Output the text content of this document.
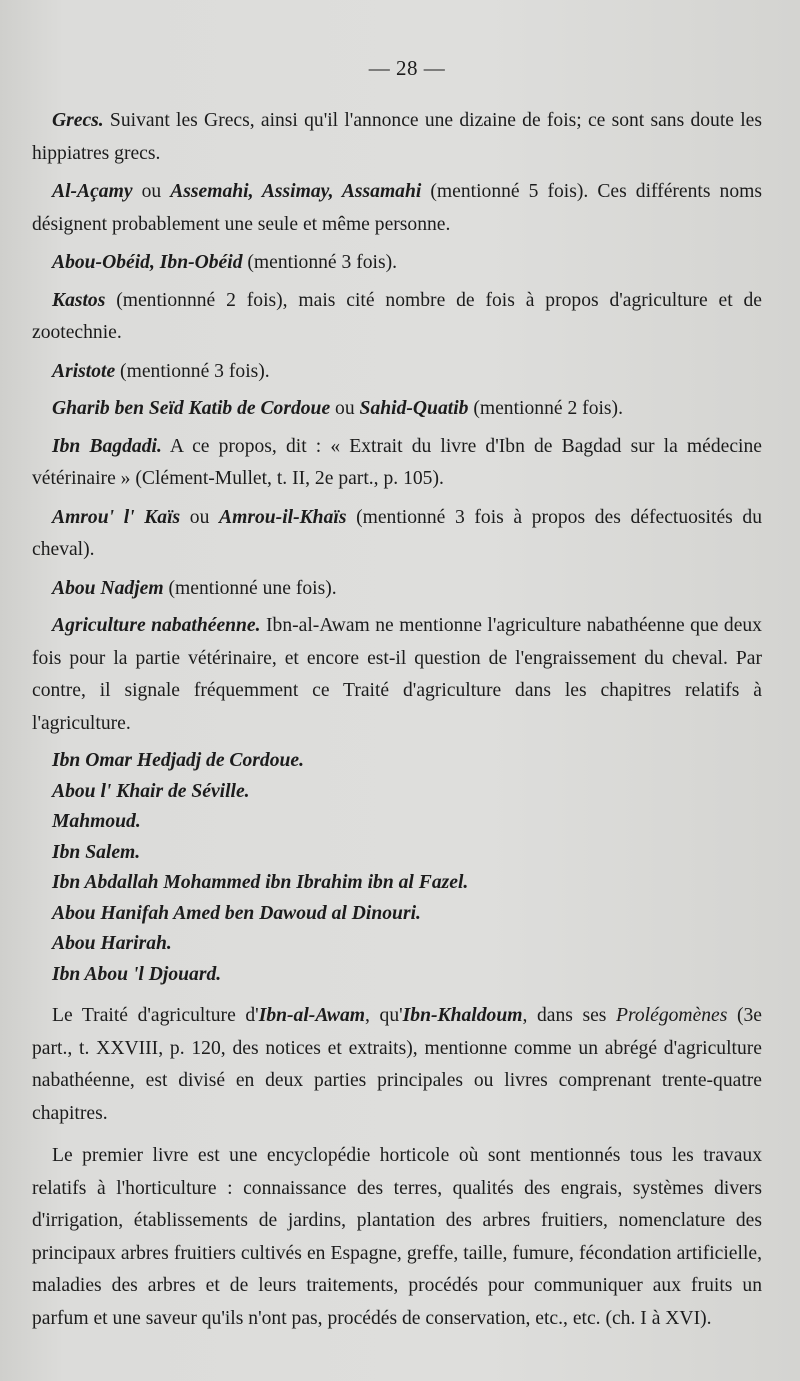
— 28 —

Grecs. Suivant les Grecs, ainsi qu'il l'annonce une dizaine de fois; ce sont sans doute les hippiatres grecs.

Al-Açamy ou Assemahi, Assimay, Assamahi (mentionné 5 fois). Ces différents noms désignent probablement une seule et même personne.

Abou-Obéid, Ibn-Obéid (mentionné 3 fois).

Kastos (mentionnné 2 fois), mais cité nombre de fois à propos d'agriculture et de zootechnie.

Aristote (mentionné 3 fois).

Gharib ben Seïd Katib de Cordoue ou Sahid-Quatib (mentionné 2 fois).

Ibn Bagdadi. A ce propos, dit : « Extrait du livre d'Ibn de Bagdad sur la médecine vétérinaire » (Clément-Mullet, t. II, 2e part., p. 105).

Amrou' l' Kaïs ou Amrou-il-Khaïs (mentionné 3 fois à propos des défectuosités du cheval).

Abou Nadjem (mentionné une fois).

Agriculture nabathéenne. Ibn-al-Awam ne mentionne l'agriculture nabathéenne que deux fois pour la partie vétérinaire, et encore est-il question de l'engraissement du cheval. Par contre, il signale fréquemment ce Traité d'agriculture dans les chapitres relatifs à l'agriculture.

Ibn Omar Hedjadj de Cordoue.
Abou l' Khair de Séville.
Mahmoud.
Ibn Salem.
Ibn Abdallah Mohammed ibn Ibrahim ibn al Fazel.
Abou Hanifah Amed ben Dawoud al Dinouri.
Abou Harirah.
Ibn Abou 'l Djouard.

Le Traité d'agriculture d'Ibn-al-Awam, qu'Ibn-Khaldoum, dans ses Prolégomènes (3e part., t. XXVIII, p. 120, des notices et extraits), mentionne comme un abrégé d'agriculture nabathéenne, est divisé en deux parties principales ou livres comprenant trente-quatre chapitres.

Le premier livre est une encyclopédie horticole où sont mentionnés tous les travaux relatifs à l'horticulture : connaissance des terres, qualités des engrais, systèmes divers d'irrigation, établissements de jardins, plantation des arbres fruitiers, nomenclature des principaux arbres fruitiers cultivés en Espagne, greffe, taille, fumure, fécondation artificielle, maladies des arbres et de leurs traitements, procédés pour communiquer aux fruits un parfum et une saveur qu'ils n'ont pas, procédés de conservation, etc., etc. (ch. I à XVI).
